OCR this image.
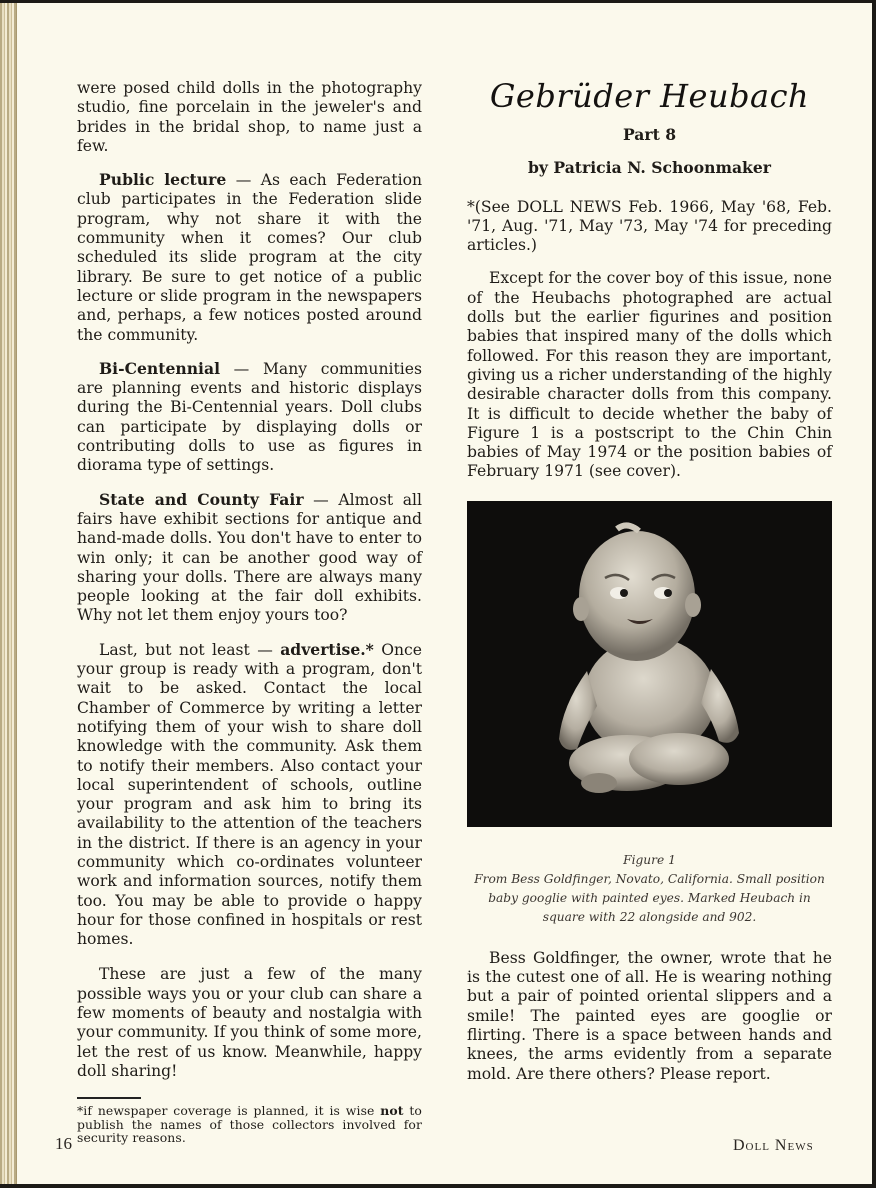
were posed child dolls in the photography studio, fine porcelain in the jeweler's and brides in the bridal shop, to name just a few.

Public lecture — As each Federation club participates in the Federation slide program, why not share it with the community when it comes? Our club scheduled its slide program at the city library. Be sure to get notice of a public lecture or slide program in the newspapers and, perhaps, a few notices posted around the community.

Bi-Centennial — Many communities are planning events and historic displays during the Bi-Centennial years. Doll clubs can participate by displaying dolls or contributing dolls to use as figures in diorama type of settings.

State and County Fair — Almost all fairs have exhibit sections for antique and hand-made dolls. You don't have to enter to win only; it can be another good way of sharing your dolls. There are always many people looking at the fair doll exhibits. Why not let them enjoy yours too?

Last, but not least — advertise.* Once your group is ready with a program, don't wait to be asked. Contact the local Chamber of Commerce by writing a letter notifying them of your wish to share doll knowledge with the community. Ask them to notify their members. Also contact your local superintendent of schools, outline your program and ask him to bring its availability to the attention of the teachers in the district. If there is an agency in your community which co-ordinates volunteer work and information sources, notify them too. You may be able to provide o happy hour for those confined in hospitals or rest homes.

These are just a few of the many possible ways you or your club can share a few moments of beauty and nostalgia with your community. If you think of some more, let the rest of us know. Meanwhile, happy doll sharing!

*if newspaper coverage is planned, it is wise not to publish the names of those collectors involved for security reasons.

Gebrüder Heubach
Part 8
by Patricia N. Schoonmaker

*(See DOLL NEWS Feb. 1966, May '68, Feb. '71, Aug. '71, May '73, May '74 for preceding articles.)

Except for the cover boy of this issue, none of the Heubachs photographed are actual dolls but the earlier figurines and position babies that inspired many of the dolls which followed. For this reason they are important, giving us a richer understanding of the highly desirable character dolls from this company. It is difficult to decide whether the baby of Figure 1 is a postscript to the Chin Chin babies of May 1974 or the position babies of February 1971 (see cover).

Figure 1
From Bess Goldfinger, Novato, California. Small position baby googlie with painted eyes. Marked Heubach in square with 22 alongside and 902.

Bess Goldfinger, the owner, wrote that he is the cutest one of all. He is wearing nothing but a pair of pointed oriental slippers and a smile! The painted eyes are googlie or flirting. There is a space between hands and knees, the arms evidently from a separate mold. Are there others? Please report.

16	Doll News
